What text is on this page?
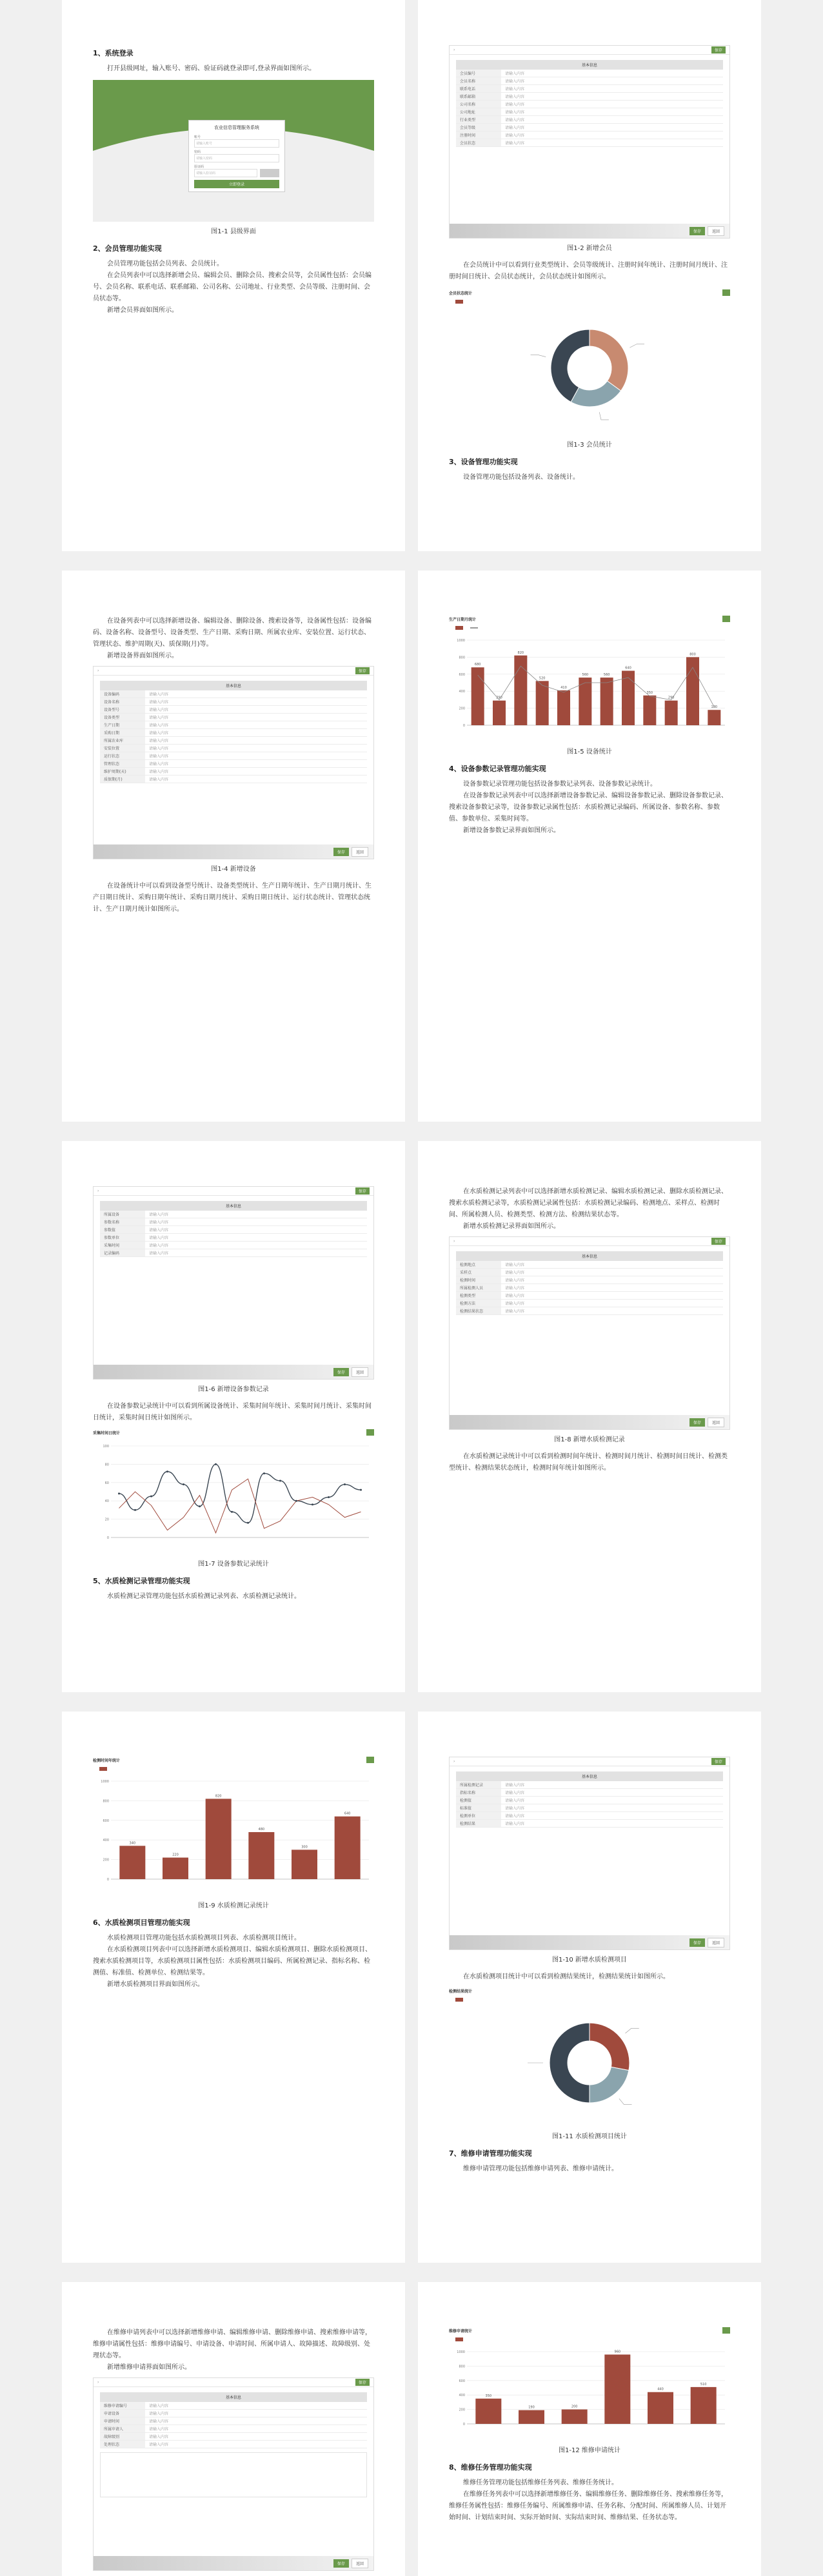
1、系统登录
打开县级网址，输入账号、密码、验证码就登录即可,登录界面如图所示。
农业信息管理服务系统
账号
请输入账号
密码
请输入密码
验证码
请输入验证码
立即登录
图1-1 县级界面
2、会员管理功能实现
会员管理功能包括会员列表、会员统计。
在会员列表中可以选择新增会员、编辑会员、删除会员、搜索会员等，会员属性包括：会员编号、会员名称、联系电话、联系邮箱、公司名称、公司地址、行业类型、会员等级、注册时间、会员状态等。
新增会员界面如图所示。
›	保存
基本信息
会员编号	请输入内容
会员名称	请输入内容
联系电话	请输入内容
联系邮箱	请输入内容
公司名称	请输入内容
公司地址	请输入内容
行业类型	请输入内容
会员等级	请输入内容
注册时间	请输入内容
会员状态	请输入内容
保存	返回
图1-2 新增会员
在会员统计中可以看到行业类型统计、会员等级统计、注册时间年统计、注册时间月统计、注册时间日统计、会员状态统计，会员状态统计如图所示。
会员状态统计
图1-3 会员统计
3、设备管理功能实现
设备管理功能包括设备列表、设备统计。
在设备列表中可以选择新增设备、编辑设备、删除设备、搜索设备等，设备属性包括：设备编码、设备名称、设备型号、设备类型、生产日期、采购日期、所属农业库、安装位置、运行状态、管理状态、维护周期(天)、质保期(月)等。
新增设备界面如图所示。
›	保存
基本信息
设备编码	请输入内容
设备名称	请输入内容
设备型号	请输入内容
设备类型	请输入内容
生产日期	请输入内容
采购日期	请输入内容
所属农业库	请输入内容
安装位置	请输入内容
运行状态	请输入内容
管理状态	请输入内容
维护周期(天)	请输入内容
质保期(月)	请输入内容
保存	返回
图1-4 新增设备
在设备统计中可以看到设备型号统计、设备类型统计、生产日期年统计、生产日期月统计、生产日期日统计、采购日期年统计、采购日期月统计、采购日期日统计、运行状态统计、管理状态统计、生产日期月统计如图所示。
生产日期月统计
0
200
400
600
800
1000
680
290
820
520
410
560	560
640
350
290
800
180
图1-5 设备统计
4、设备参数记录管理功能实现
设备参数记录管理功能包括设备参数记录列表、设备参数记录统计。
在设备参数记录列表中可以选择新增设备参数记录、编辑设备参数记录、删除设备参数记录、搜索设备参数记录等，设备参数记录属性包括：水质检测记录编码、所属设备、参数名称、参数值、参数单位、采集时间等。
新增设备参数记录界面如图所示。
›	保存
基本信息
所属设备	请输入内容
参数名称	请输入内容
参数值	请输入内容
参数单位	请输入内容
采集时间	请输入内容
记录编码	请输入内容
保存	返回
图1-6 新增设备参数记录
在设备参数记录统计中可以看到所属设备统计、采集时间年统计、采集时间月统计、采集时间日统计，采集时间日统计如图所示。
采集时间日统计
0
20
40
60
80
100
图1-7 设备参数记录统计
5、水质检测记录管理功能实现
水质检测记录管理功能包括水质检测记录列表、水质检测记录统计。
在水质检测记录列表中可以选择新增水质检测记录、编辑水质检测记录、删除水质检测记录、搜索水质检测记录等，水质检测记录属性包括：水质检测记录编码、检测地点、采样点、检测时间、所属检测人员、检测类型、检测方法、检测结果状态等。
新增水质检测记录界面如图所示。
›	保存
基本信息
检测地点	请输入内容
采样点	请输入内容
检测时间	请输入内容
所属检测人员	请输入内容
检测类型	请输入内容
检测方法	请输入内容
检测结果状态	请输入内容
保存	返回
图1-8 新增水质检测记录
在水质检测记录统计中可以看到检测时间年统计、检测时间月统计、检测时间日统计、检测类型统计、检测结果状态统计，检测时间年统计如图所示。
检测时间年统计
0
200
400
600
800
1000
340
220
820
480
300
640
图1-9 水质检测记录统计
6、水质检测项目管理功能实现
水质检测项目管理功能包括水质检测项目列表、水质检测项目统计。
在水质检测项目列表中可以选择新增水质检测项目、编辑水质检测项目、删除水质检测项目、搜索水质检测项目等，水质检测项目属性包括：水质检测项目编码、所属检测记录、指标名称、检测值、标准值、检测单位、检测结果等。
新增水质检测项目界面如图所示。
›	保存
基本信息
所属检测记录	请输入内容
指标名称	请输入内容
检测值	请输入内容
标准值	请输入内容
检测单位	请输入内容
检测结果	请输入内容
保存	返回
图1-10 新增水质检测项目
在水质检测项目统计中可以看到检测结果统计，检测结果统计如图所示。
检测结果统计
图1-11 水质检测项目统计
7、维修申请管理功能实现
维修申请管理功能包括维修申请列表、维修申请统计。
在维修申请列表中可以选择新增维修申请、编辑维修申请、删除维修申请、搜索维修申请等，维修申请属性包括：维修申请编号、申请设备、申请时间、所属申请人、故障描述、故障级别、处理状态等。
新增维修申请界面如图所示。
›	保存
基本信息
维修申请编号	请输入内容
申请设备	请输入内容
申请时间	请输入内容
所属申请人	请输入内容
故障级别	请输入内容
处理状态	请输入内容
保存	返回
维修申请统计
0
200
400
600
800
1000
350
190	200
960
440
510
图1-12 维修申请统计
8、维修任务管理功能实现
维修任务管理功能包括维修任务列表、维修任务统计。
在维修任务列表中可以选择新增维修任务、编辑维修任务、删除维修任务、搜索维修任务等，维修任务属性包括：维修任务编号、所属维修申请、任务名称、分配时间、所属维修人员、计划开始时间、计划结束时间、实际开始时间、实际结束时间、维修结果、任务状态等。
